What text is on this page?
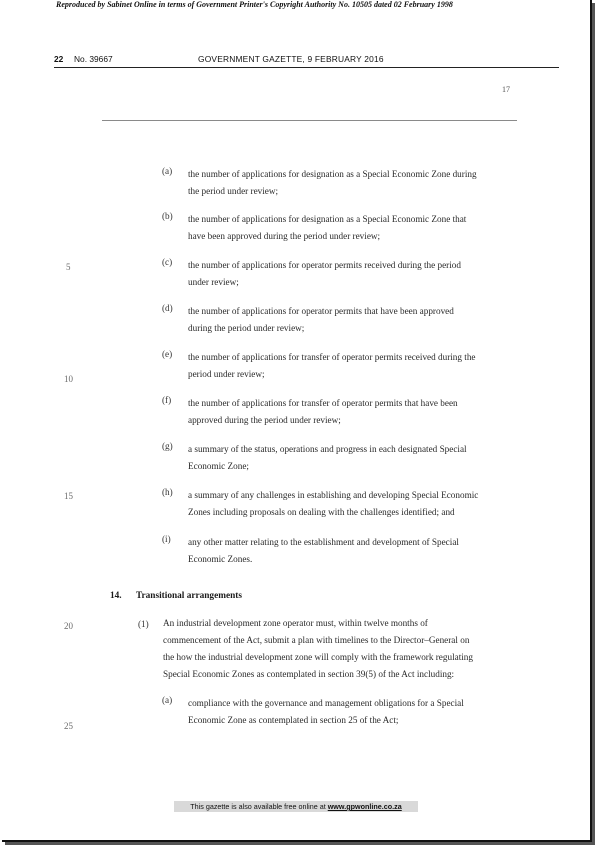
Reproduced by Sabinet Online in terms of Government Printer's Copyright Authority No. 10505 dated 02 February 1998
22 No. 39667	GOVERNMENT GAZETTE, 9 FEBRUARY 2016
17
5
10
15
20
25
(a) the number of applications for designation as a Special Economic Zone during
the period under review;
(b) the number of applications for designation as a Special Economic Zone that
have been approved during the period under review;
(c) the number of applications for operator permits received during the period
under review;
(d) the number of applications for operator permits that have been approved
during the period under review;
(e) the number of applications for transfer of operator permits received during the
period under review;
(f) the number of applications for transfer of operator permits that have been
approved during the period under review;
(g) a summary of the status, operations and progress in each designated Special
Economic Zone;
(h) a summary of any challenges in establishing and developing Special Economic
Zones including proposals on dealing with the challenges identified; and
(i) any other matter relating to the establishment and development of Special
Economic Zones.
14. Transitional arrangements
(1) An industrial development zone operator must, within twelve months of
commencement of the Act, submit a plan with timelines to the Director–General on
the how the industrial development zone will comply with the framework regulating
Special Economic Zones as contemplated in section 39(5) of the Act including:
(a) compliance with the governance and management obligations for a Special
Economic Zone as contemplated in section 25 of the Act;
This gazette is also available free online at www.gpwonline.co.za
